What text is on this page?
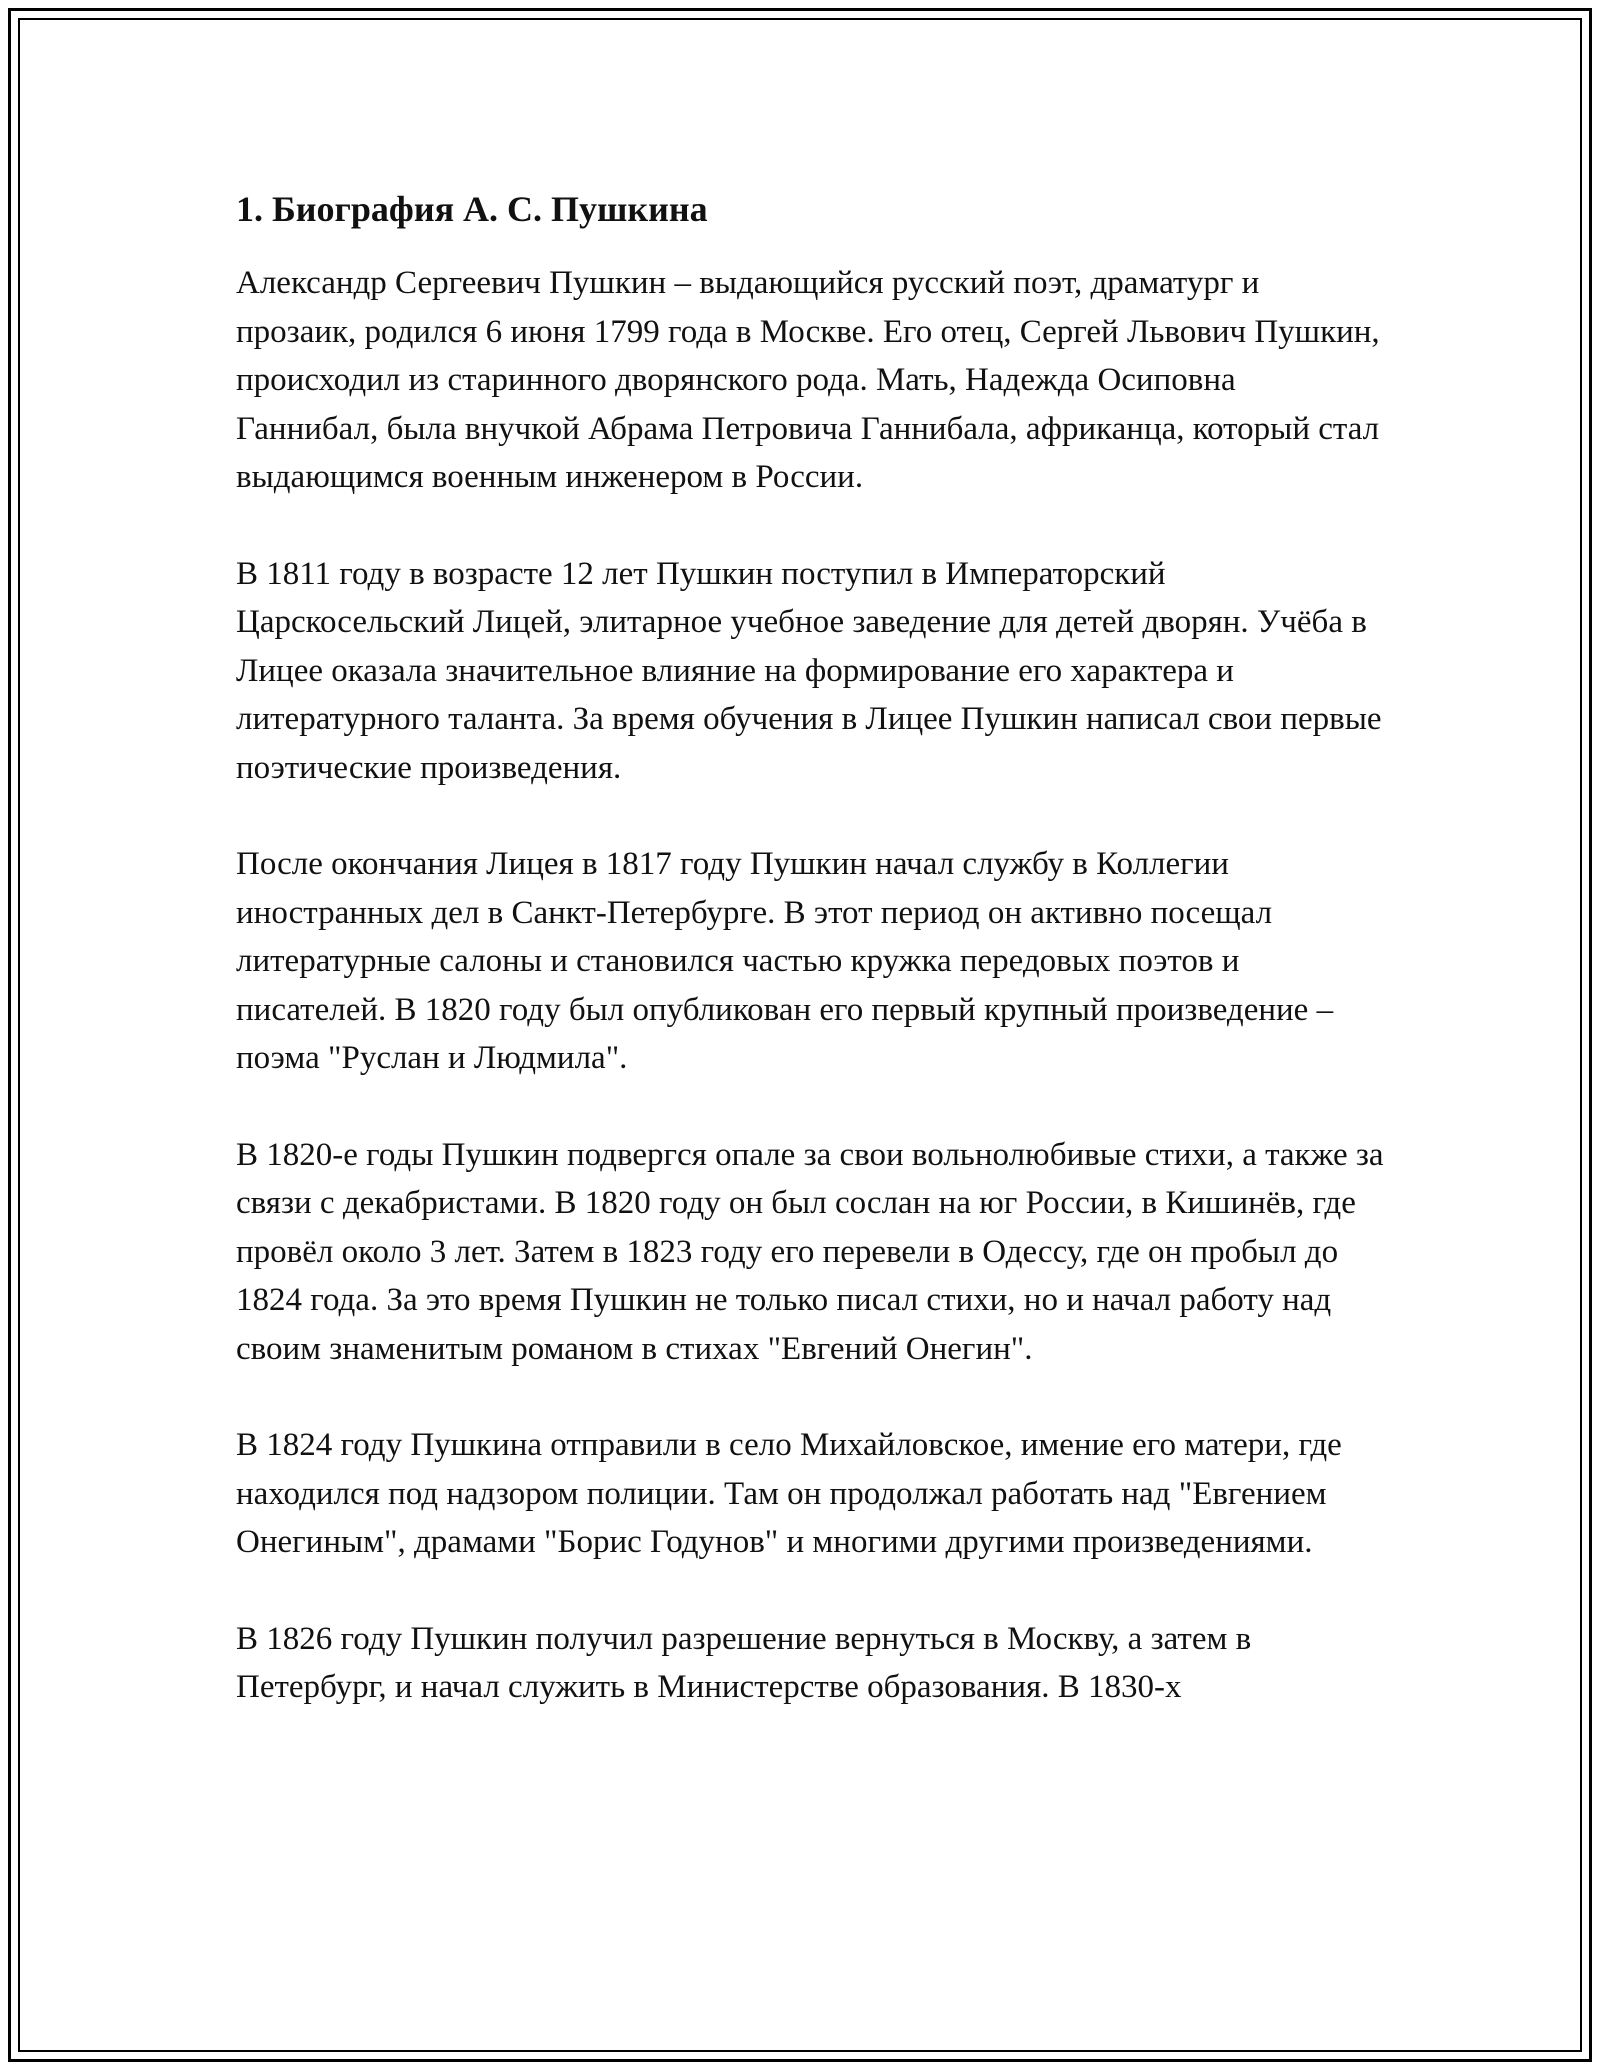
1. Биография А. С. Пушкина

Александр Сергеевич Пушкин – выдающийся русский поэт, драматург и прозаик, родился 6 июня 1799 года в Москве. Его отец, Сергей Львович Пушкин, происходил из старинного дворянского рода. Мать, Надежда Осиповна Ганнибал, была внучкой Абрама Петровича Ганнибала, африканца, который стал выдающимся военным инженером в России.

В 1811 году в возрасте 12 лет Пушкин поступил в Императорский Царскосельский Лицей, элитарное учебное заведение для детей дворян. Учёба в Лицее оказала значительное влияние на формирование его характера и литературного таланта. За время обучения в Лицее Пушкин написал свои первые поэтические произведения.

После окончания Лицея в 1817 году Пушкин начал службу в Коллегии иностранных дел в Санкт-Петербурге. В этот период он активно посещал литературные салоны и становился частью кружка передовых поэтов и писателей. В 1820 году был опубликован его первый крупный произведение – поэма "Руслан и Людмила".

В 1820-е годы Пушкин подвергся опале за свои вольнолюбивые стихи, а также за связи с декабристами. В 1820 году он был сослан на юг России, в Кишинёв, где провёл около 3 лет. Затем в 1823 году его перевели в Одессу, где он пробыл до 1824 года. За это время Пушкин не только писал стихи, но и начал работу над своим знаменитым романом в стихах "Евгений Онегин".

В 1824 году Пушкина отправили в село Михайловское, имение его матери, где находился под надзором полиции. Там он продолжал работать над "Евгением Онегиным", драмами "Борис Годунов" и многими другими произведениями.

В 1826 году Пушкин получил разрешение вернуться в Москву, а затем в Петербург, и начал служить в Министерстве образования. В 1830-х
